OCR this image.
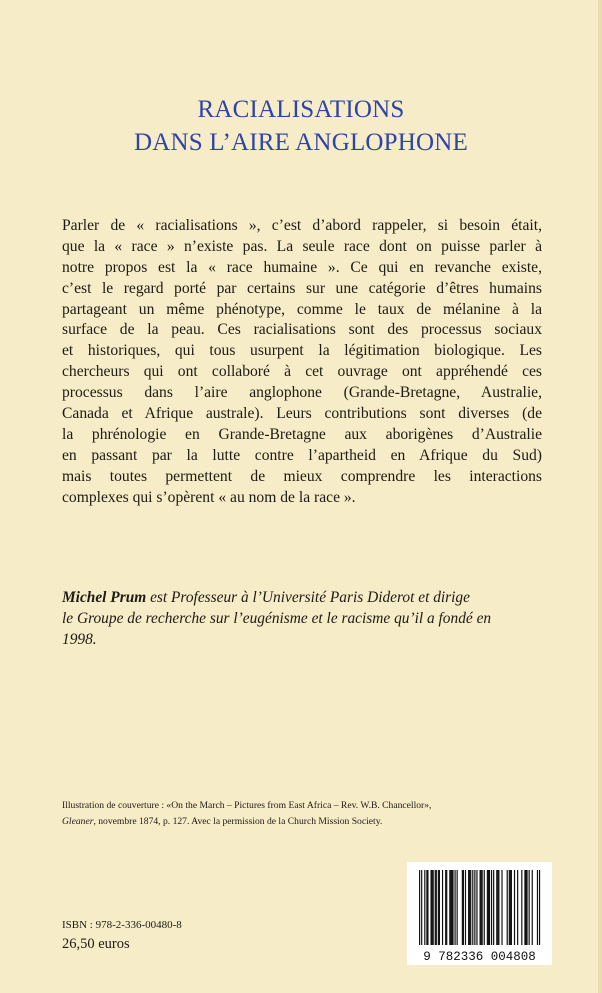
RACIALISATIONS
DANS L’AIRE ANGLOPHONE
Parler de « racialisations », c’est d’abord rappeler, si besoin était,
que la « race » n’existe pas. La seule race dont on puisse parler à
notre propos est la « race humaine ». Ce qui en revanche existe,
c’est le regard porté par certains sur une catégorie d’êtres humains
partageant un même phénotype, comme le taux de mélanine à la
surface de la peau. Ces racialisations sont des processus sociaux
et historiques, qui tous usurpent la légitimation biologique. Les
chercheurs qui ont collaboré à cet ouvrage ont appréhendé ces
processus dans l’aire anglophone (Grande-Bretagne, Australie,
Canada et Afrique australe). Leurs contributions sont diverses (de
la phrénologie en Grande-Bretagne aux aborigènes d’Australie
en passant par la lutte contre l’apartheid en Afrique du Sud)
mais toutes permettent de mieux comprendre les interactions
complexes qui s’opèrent « au nom de la race ».
Michel Prum est Professeur à l’Université Paris Diderot et dirige
le Groupe de recherche sur l’eugénisme et le racisme qu’il a fondé en
1998.
Illustration de couverture : «On the March – Pictures from East Africa – Rev. W.B. Chancellor»,
Gleaner, novembre 1874, p. 127. Avec la permission de la Church Mission Society.
ISBN : 978-2-336-00480-8
26,50 euros
9 782336 004808
